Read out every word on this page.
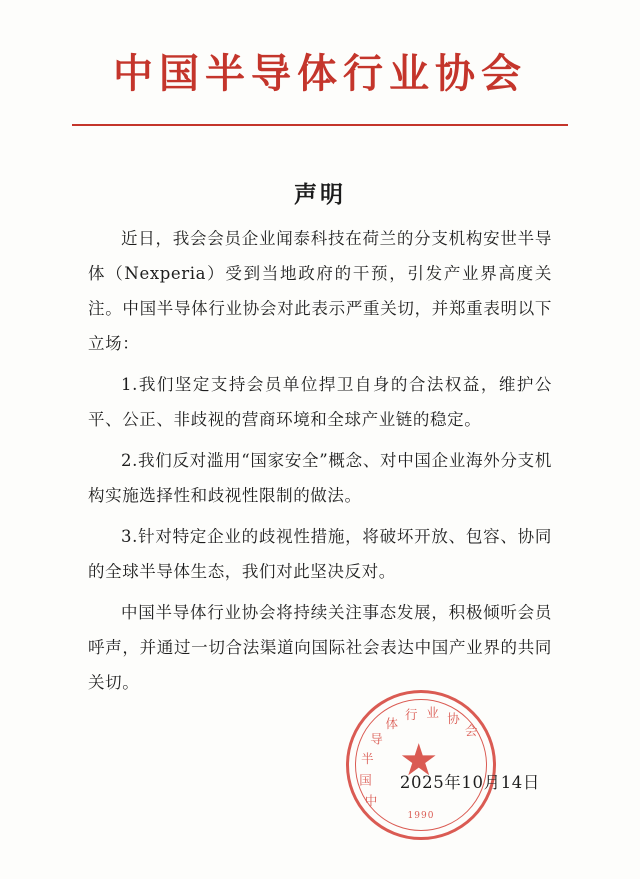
中国半导体行业协会
声明

近日，我会会员企业闻泰科技在荷兰的分支机构安世半导体（Nexperia）受到当地政府的干预，引发产业界高度关注。中国半导体行业协会对此表示严重关切，并郑重表明以下立场：

1.我们坚定支持会员单位捍卫自身的合法权益，维护公平、公正、非歧视的营商环境和全球产业链的稳定。

2.我们反对滥用“国家安全”概念、对中国企业海外分支机构实施选择性和歧视性限制的做法。

3.针对特定企业的歧视性措施，将破坏开放、包容、协同的全球半导体生态，我们对此坚决反对。

中国半导体行业协会将持续关注事态发展，积极倾听会员呼声，并通过一切合法渠道向国际社会表达中国产业界的共同关切。

★
中
国
半
导
体
行 业 协
会
1990
2025年10月14日
